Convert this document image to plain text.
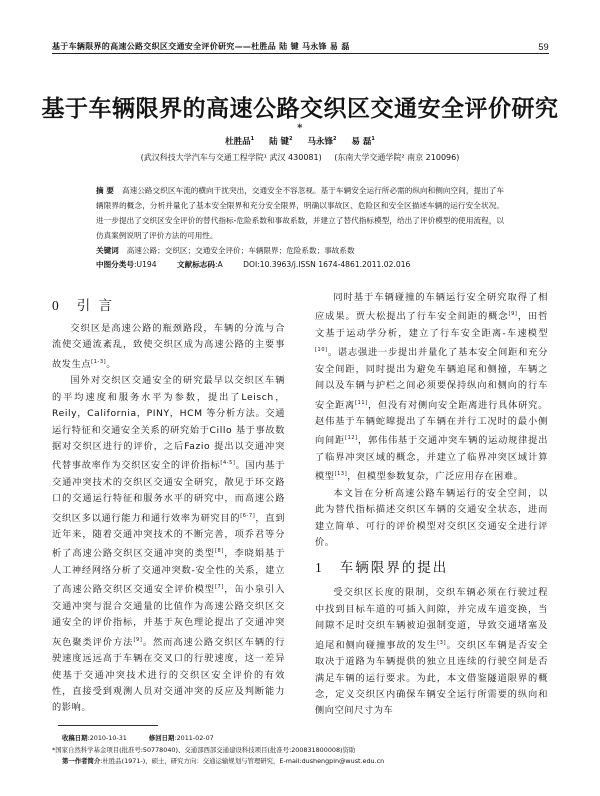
基于车辆限界的高速公路交织区交通安全评价研究——杜胜品 陆 键 马永锋 易 磊	59
基于车辆限界的高速公路交织区交通安全评价研究*
杜胜品$^1$ 陆 键$^2$ 马永锋$^2$ 易 磊$^1$
(武汉科技大学汽车与交通工程学院¹ 武汉 430081) (东南大学交通学院² 南京 210096)
摘 要 高速公路交织区车流的横向干扰突出，交通安全不容忽视。基于车辆安全运行所必需的纵向和侧向空间，提出了车辆限界的概念，分析并量化了基本安全限界和充分安全限界，明确以事故区、危险区和安全区描述车辆的运行安全状况。进一步提出了交织区安全评价的替代指标-危险系数和事故系数，并建立了替代指标模型，给出了评价模型的使用流程，以仿真案例说明了评价方法的可用性。
关键词 高速公路；交织区；交通安全评价；车辆限界；危险系数；事故系数
中图分类号:U194	文献标志码:A	DOI:10.3963/j.ISSN 1674-4861.2011.02.016
0 引 言

交织区是高速公路的瓶颈路段，车辆的分流与合流使交通流紊乱，致使交织区成为高速公路的主要事故发生点[1-3]。

国外对交织区交通安全的研究最早以交织区车辆的平均速度和服务水平为参数，提出了Leisch，Reily，California，PINY，HCM 等分析方法。交通运行特征和交通安全关系的研究始于Cillo 基于事故数据对交织区进行的评价，之后Fazio 提出以交通冲突代替事故率作为交织区安全的评价指标[4-5]。国内基于交通冲突技术的交织区交通安全研究，散见于环交路口的交通运行特征和服务水平的研究中，而高速公路交织区多以通行能力和通行效率为研究目的[6-7]，直到近年来，随着交通冲突技术的不断完善，项乔君等分析了高速公路交织区交通冲突的类型[8]，李晓娟基于人工神经网络分析了交通冲突数-安全性的关系，建立了高速公路交织区交通安全评价模型[7]，缶小泉引入交通冲突与混合交通量的比值作为高速公路交织区交通安全的评价指标，并基于灰色理论提出了交通冲突灰色聚类评价方法[9]。然而高速公路交织区车辆的行驶速度远远高于车辆在交叉口的行驶速度，这一差异使基于交通冲突技术进行的交织区安全评价的有效性，直接受到观测人员对交通冲突的反应及判断能力的影响。

同时基于车辆碰撞的车辆运行安全研究取得了相应成果。贾大松提出了行车安全间距的概念[9]，田哲文基于运动学分析，建立了行车安全距离-车速模型[10]。谌志强进一步提出并量化了基本安全间距和充分安全间距，同时提出为避免车辆追尾和侧撞，车辆之间以及车辆与护栏之间必须要保持纵向和侧向的行车安全距离[11]，但没有对侧向安全距离进行具体研究。赵伟基于车辆蛇皡提出了车辆在并行工况时的最小侧向间距[12]，郭伟伟基于交通冲突车辆的运动规律提出了临界冲突区域的概念，并建立了临界冲突区域计算模型[13]，但模型参数复杂，广泛应用存在困难。

本文旨在分析高速公路车辆运行的安全空间，以此为替代指标描述交织区车辆的交通安全状态，进而建立简单、可行的评价模型对交织区交通安全进行评价。

1 车辆限界的提出

受交织区长度的限制，交织车辆必须在行驶过程中找到目标车道的可插入间隙，并完成车道变换，当间隙不足时交织车辆被迫强制变道，导致交通堵塞及追尾和侧向碰撞事故的发生[3]。交织区车辆是否安全取决于道路为车辆提供的独立且连续的行驶空间是否满足车辆的运行要求。为此，本文借鉴隧道限界的概念，定义交织区内确保车辆安全运行所需要的纵向和侧向空间尺寸为车

收稿日期:2010-10-31	修回日期:2011-02-07
*国家自然科学基金项目(批准号:50778040)、交通部西部交通建设科技项目(批准号:200831800008)资助
第一作者简介:杜胜品(1971-)，硕士，研究方向：交通运输规划与管理研究，E-mail:dushengpin@wust.edu.cn
